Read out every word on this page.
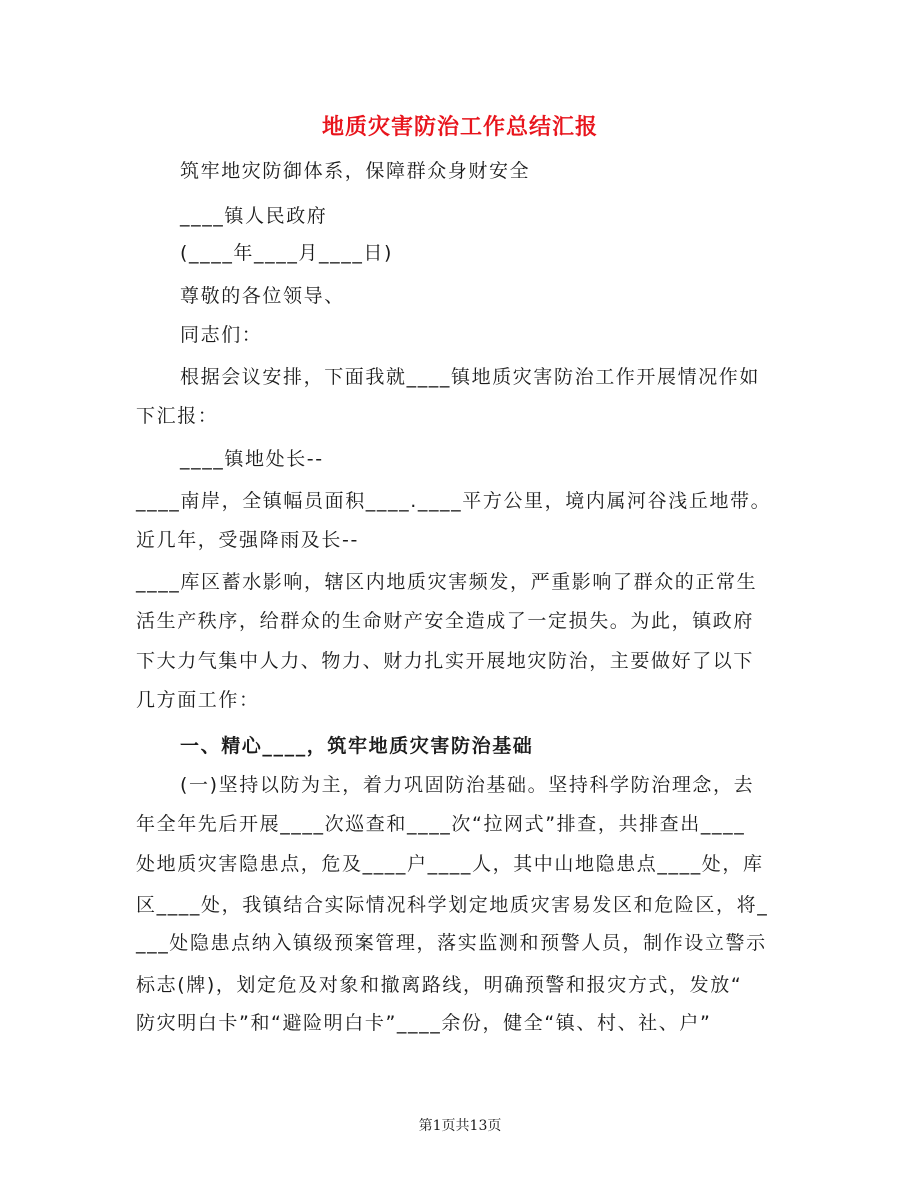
地质灾害防治工作总结汇报
筑牢地灾防御体系，保障群众身财安全
____镇人民政府
(____年____月____日)
尊敬的各位领导、
同志们：
根据会议安排，下面我就____镇地质灾害防治工作开展情况作如
下汇报：
____镇地处长--
____南岸，全镇幅员面积____.____平方公里，境内属河谷浅丘地带。
近几年，受强降雨及长--
____库区蓄水影响，辖区内地质灾害频发，严重影响了群众的正常生
活生产秩序，给群众的生命财产安全造成了一定损失。为此，镇政府
下大力气集中人力、物力、财力扎实开展地灾防治，主要做好了以下
几方面工作：
一、精心____，筑牢地质灾害防治基础
(一)坚持以防为主，着力巩固防治基础。坚持科学防治理念，去
年全年先后开展____次巡查和____次“拉网式”排查，共排查出____
处地质灾害隐患点，危及____户____人，其中山地隐患点____处，库
区____处，我镇结合实际情况科学划定地质灾害易发区和危险区，将_
___处隐患点纳入镇级预案管理，落实监测和预警人员，制作设立警示
标志(牌)，划定危及对象和撤离路线，明确预警和报灾方式，发放“
防灾明白卡”和“避险明白卡”____余份，健全“镇、村、社、户”
第1页共13页
